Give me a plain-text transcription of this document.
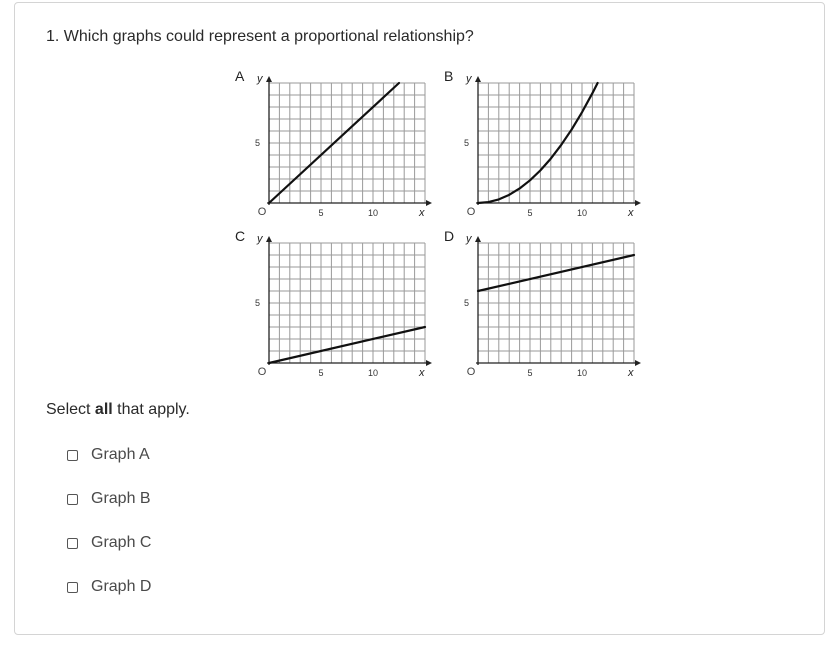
1. Which graphs could represent a proportional relationship?
A y
x
5	10
5
O
B y
x
5	10
5
O
C y
x
5	10
5
O
D y
x
5	10
5
O
Select all that apply.
Graph A
Graph B
Graph C
Graph D
